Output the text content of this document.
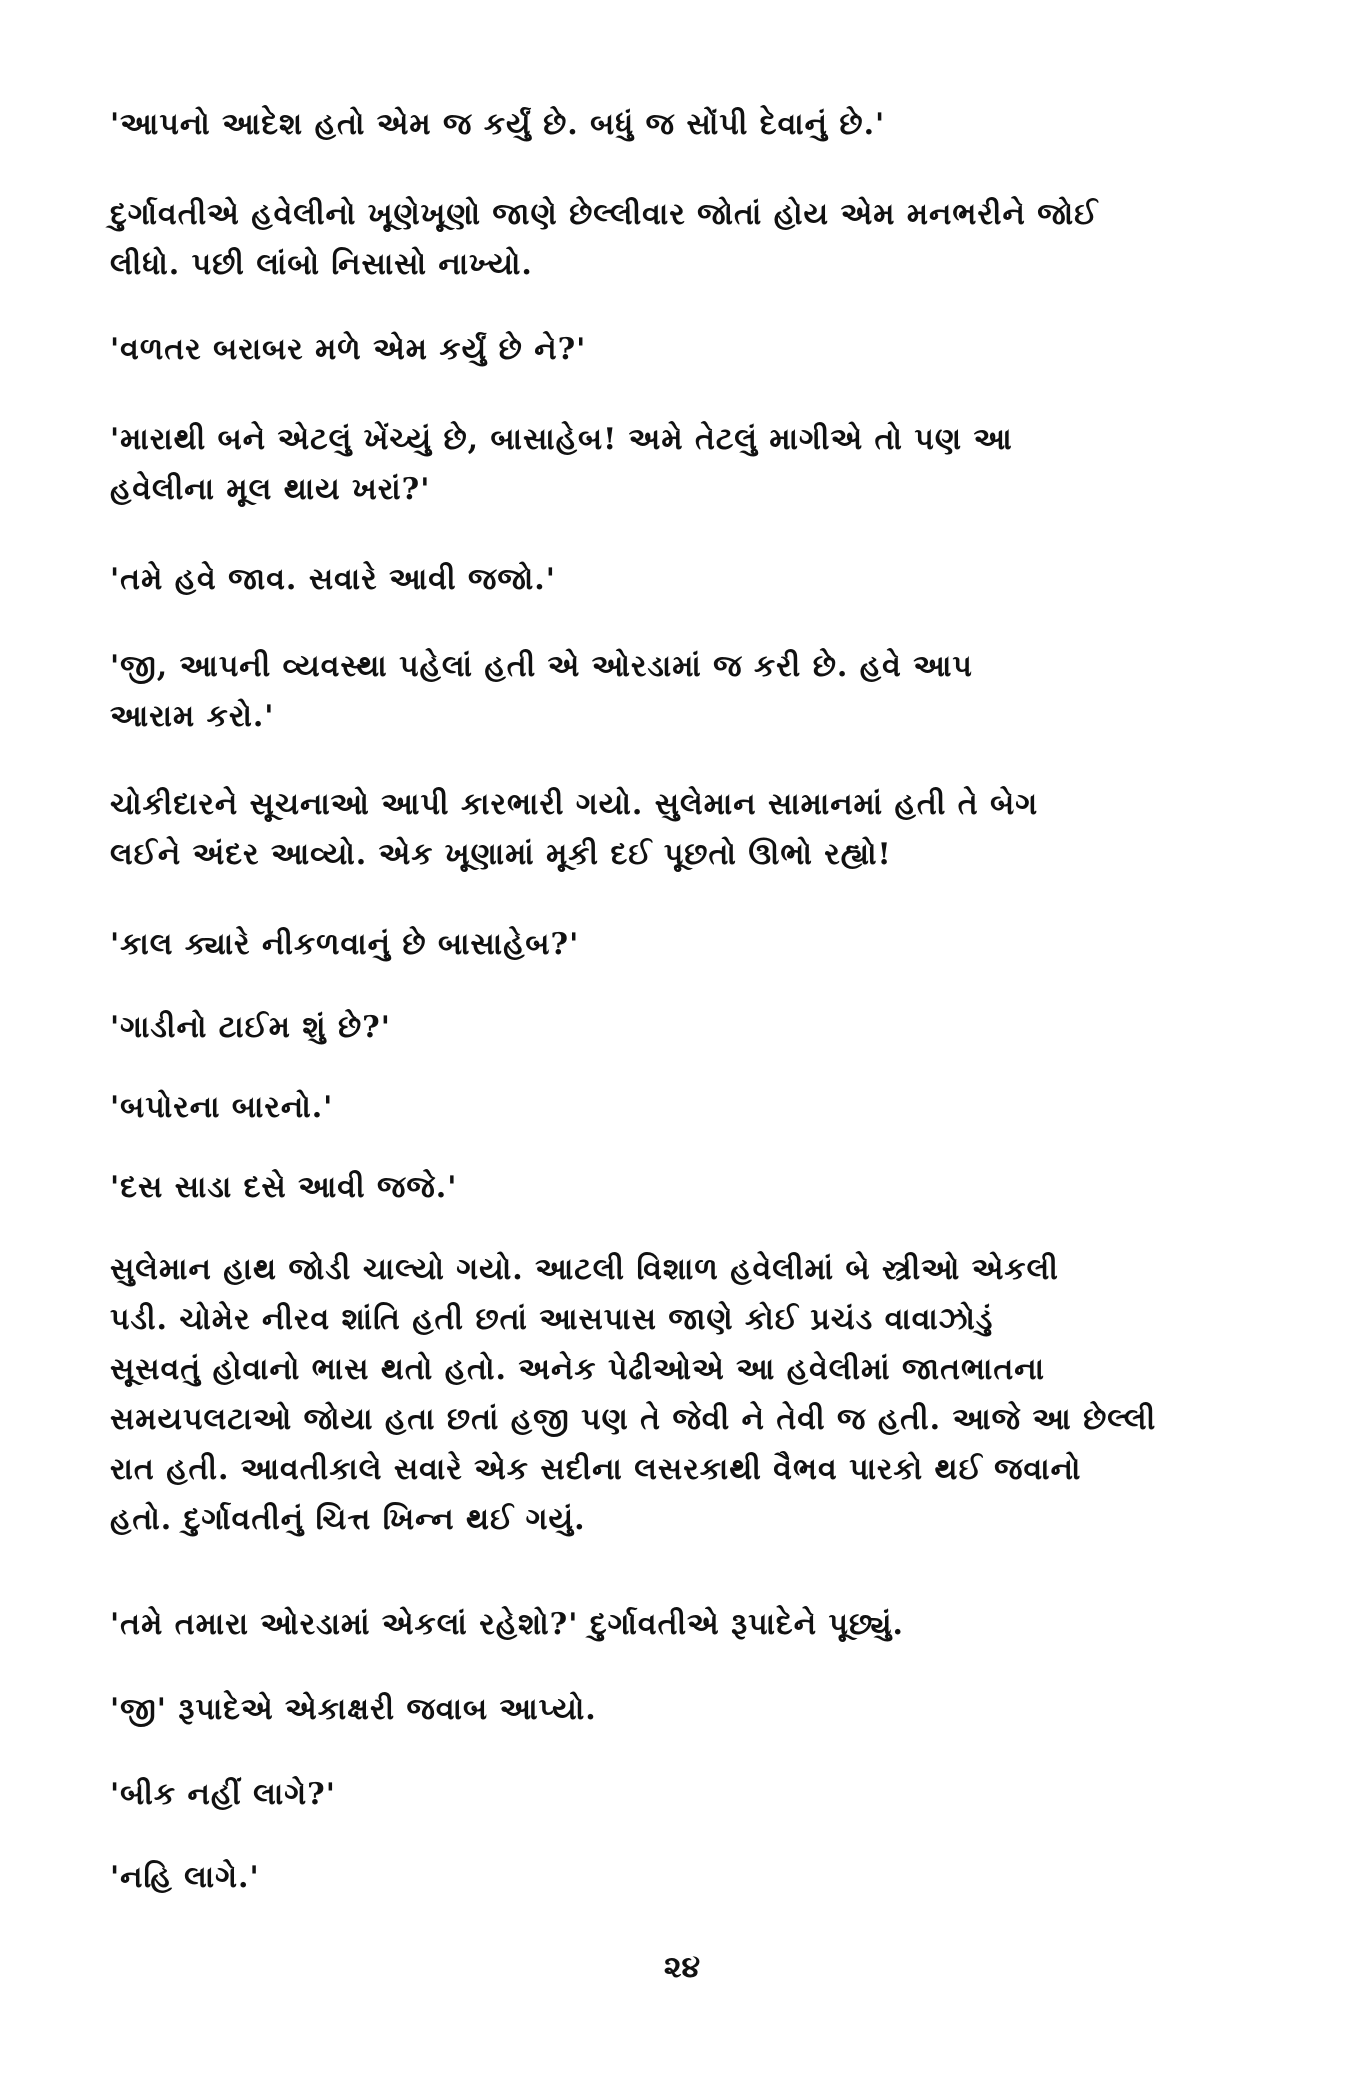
'આપનો આદેશ હતો એમ જ કર્યું છે. બધું જ સોંપી દેવાનું છે.'
દુર્ગાવતીએ હવેલીનો ખૂણેખૂણો જાણે છેલ્લીવાર જોતાં હોય એમ મનભરીને જોઈ
લીધો. પછી લાંબો નિસાસો નાખ્યો.
'વળતર બરાબર મળે એમ કર્યું છે ને?'
'મારાથી બને એટલું ખેંચ્યું છે, બાસાહેબ! અમે તેટલું માગીએ તો પણ આ
હવેલીના મૂલ થાય ખરાં?'
'તમે હવે જાવ. સવારે આવી જજો.'
'જી, આપની વ્યવસ્થા પહેલાં હતી એ ઓરડામાં જ કરી છે. હવે આપ
આરામ કરો.'
ચોકીદારને સૂચનાઓ આપી કારભારી ગયો. સુલેમાન સામાનમાં હતી તે બેગ
લઈને અંદર આવ્યો. એક ખૂણામાં મૂકી દઈ પૂછતો ઊભો રહ્યો!
'કાલ ક્યારે નીકળવાનું છે બાસાહેબ?'
'ગાડીનો ટાઈમ શું છે?'
'બપોરના બારનો.'
'દસ સાડા દસે આવી જજે.'
સુલેમાન હાથ જોડી ચાલ્યો ગયો. આટલી વિશાળ હવેલીમાં બે સ્ત્રીઓ એકલી
પડી. ચોમેર નીરવ શાંતિ હતી છતાં આસપાસ જાણે કોઈ પ્રચંડ વાવાઝોડું
સૂસવતું હોવાનો ભાસ થતો હતો. અનેક પેઢીઓએ આ હવેલીમાં જાતભાતના
સમયપલટાઓ જોયા હતા છતાં હજી પણ તે જેવી ને તેવી જ હતી. આજે આ છેલ્લી
રાત હતી. આવતીકાલે સવારે એક સદીના લસરકાથી વૈભવ પારકો થઈ જવાનો
હતો. દુર્ગાવતીનું ચિત્ત ખિન્ન થઈ ગયું.
'તમે તમારા ઓરડામાં એકલાં રહેશો?' દુર્ગાવતીએ રૂપાદેને પૂછ્યું.
'જી' રૂપાદેએ એકાક્ષરી જવાબ આપ્યો.
'બીક નહીં લાગે?'
'નહિ લાગે.'
૨૪
